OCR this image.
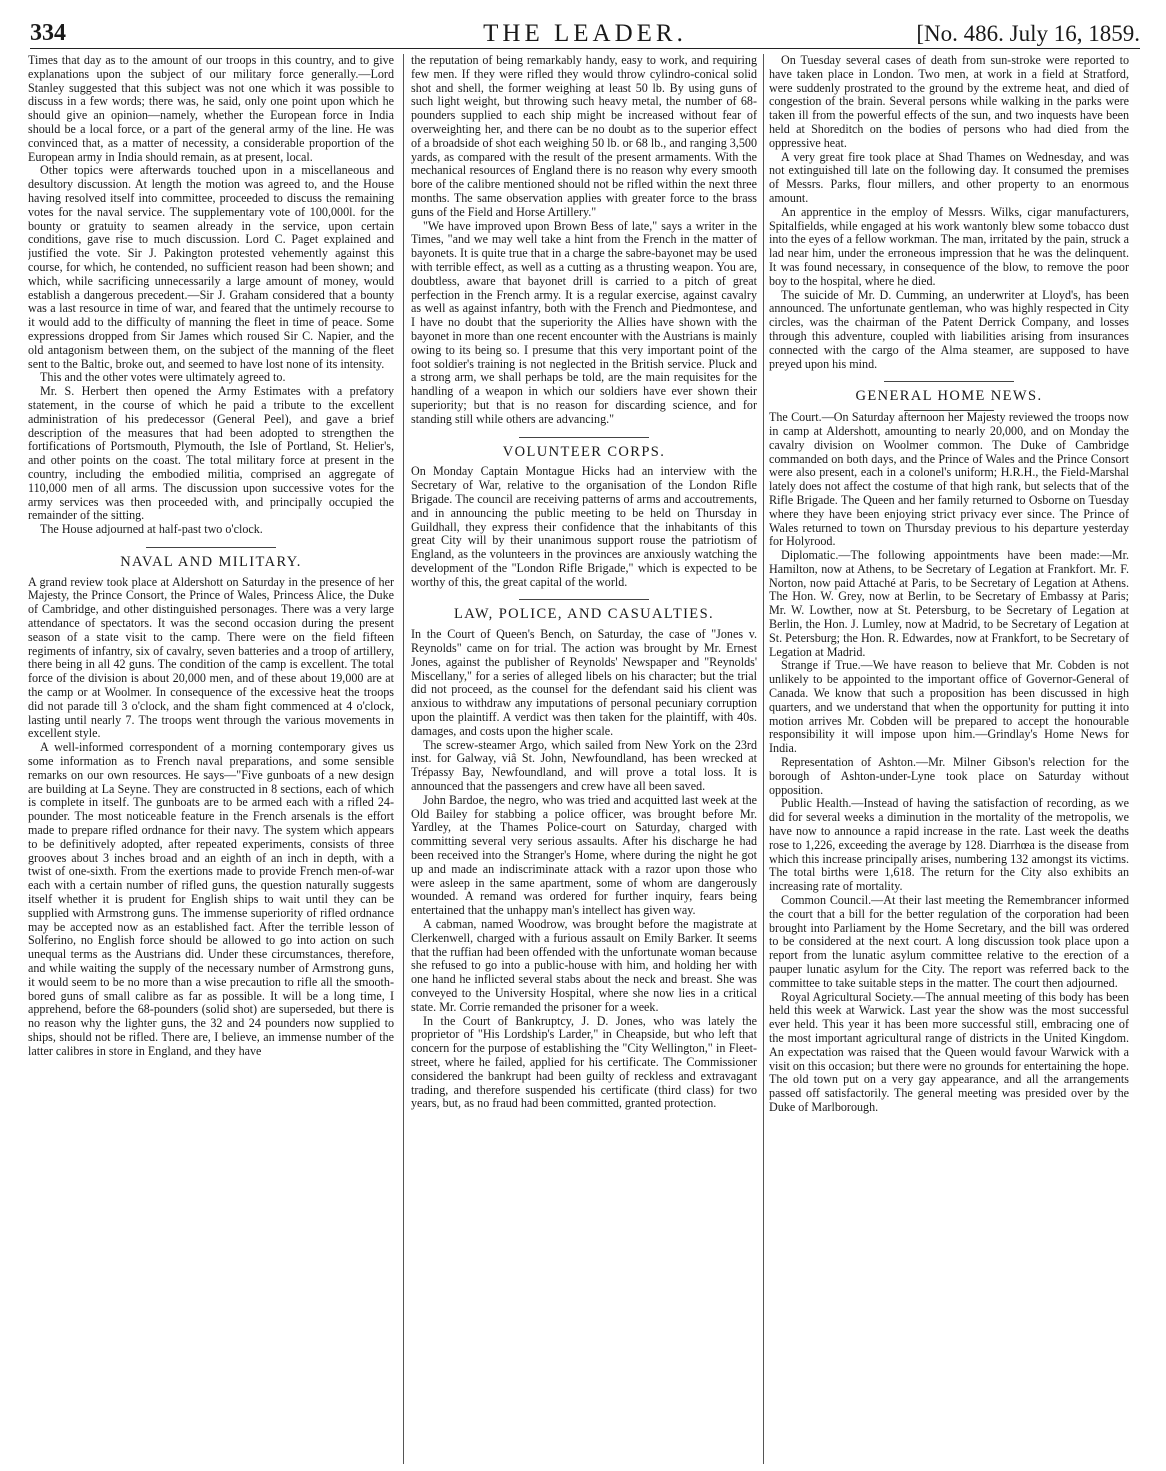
334	THE LEADER.	[No. 486. July 16, 1859.

Times that day as to the amount of our troops in this country, and to give explanations upon the subject of our military force generally.—Lord Stanley suggested that this subject was not one which it was possible to discuss in a few words; there was, he said, only one point upon which he should give an opinion—namely, whether the European force in India should be a local force, or a part of the general army of the line. He was convinced that, as a matter of necessity, a considerable proportion of the European army in India should remain, as at present, local.

Other topics were afterwards touched upon in a miscellaneous and desultory discussion. At length the motion was agreed to, and the House having resolved itself into committee, proceeded to discuss the remaining votes for the naval service. The supplementary vote of 100,000l. for the bounty or gratuity to seamen already in the service, upon certain conditions, gave rise to much discussion. Lord C. Paget explained and justified the vote. Sir J. Pakington protested vehemently against this course, for which, he contended, no sufficient reason had been shown; and which, while sacrificing unnecessarily a large amount of money, would establish a dangerous precedent.—Sir J. Graham considered that a bounty was a last resource in time of war, and feared that the untimely recourse to it would add to the difficulty of manning the fleet in time of peace. Some expressions dropped from Sir James which roused Sir C. Napier, and the old antagonism between them, on the subject of the manning of the fleet sent to the Baltic, broke out, and seemed to have lost none of its intensity.

This and the other votes were ultimately agreed to.

Mr. S. Herbert then opened the Army Estimates with a prefatory statement, in the course of which he paid a tribute to the excellent administration of his predecessor (General Peel), and gave a brief description of the measures that had been adopted to strengthen the fortifications of Portsmouth, Plymouth, the Isle of Portland, St. Helier's, and other points on the coast. The total military force at present in the country, including the embodied militia, comprised an aggregate of 110,000 men of all arms. The discussion upon successive votes for the army services was then proceeded with, and principally occupied the remainder of the sitting.

The House adjourned at half-past two o'clock.

NAVAL AND MILITARY.

A grand review took place at Aldershott on Saturday in the presence of her Majesty, the Prince Consort, the Prince of Wales, Princess Alice, the Duke of Cambridge, and other distinguished personages. There was a very large attendance of spectators. It was the second occasion during the present season of a state visit to the camp. There were on the field fifteen regiments of infantry, six of cavalry, seven batteries and a troop of artillery, there being in all 42 guns. The condition of the camp is excellent. The total force of the division is about 20,000 men, and of these about 19,000 are at the camp or at Woolmer. In consequence of the excessive heat the troops did not parade till 3 o'clock, and the sham fight commenced at 4 o'clock, lasting until nearly 7. The troops went through the various movements in excellent style.

A well-informed correspondent of a morning contemporary gives us some information as to French naval preparations, and some sensible remarks on our own resources. He says—"Five gunboats of a new design are building at La Seyne. They are constructed in 8 sections, each of which is complete in itself. The gunboats are to be armed each with a rifled 24-pounder. The most noticeable feature in the French arsenals is the effort made to prepare rifled ordnance for their navy. The system which appears to be definitively adopted, after repeated experiments, consists of three grooves about 3 inches broad and an eighth of an inch in depth, with a twist of one-sixth. From the exertions made to provide French men-of-war each with a certain number of rifled guns, the question naturally suggests itself whether it is prudent for English ships to wait until they can be supplied with Armstrong guns. The immense superiority of rifled ordnance may be accepted now as an established fact. After the terrible lesson of Solferino, no English force should be allowed to go into action on such unequal terms as the Austrians did. Under these circumstances, therefore, and while waiting the supply of the necessary number of Armstrong guns, it would seem to be no more than a wise precaution to rifle all the smooth-bored guns of small calibre as far as possible. It will be a long time, I apprehend, before the 68-pounders (solid shot) are superseded, but there is no reason why the lighter guns, the 32 and 24 pounders now supplied to ships, should not be rifled. There are, I believe, an immense number of the latter calibres in store in England, and they have

the reputation of being remarkably handy, easy to work, and requiring few men. If they were rifled they would throw cylindro-conical solid shot and shell, the former weighing at least 50 lb. By using guns of such light weight, but throwing such heavy metal, the number of 68-pounders supplied to each ship might be increased without fear of overweighting her, and there can be no doubt as to the superior effect of a broadside of shot each weighing 50 lb. or 68 lb., and ranging 3,500 yards, as compared with the result of the present armaments. With the mechanical resources of England there is no reason why every smooth bore of the calibre mentioned should not be rifled within the next three months. The same observation applies with greater force to the brass guns of the Field and Horse Artillery."

"We have improved upon Brown Bess of late," says a writer in the Times, "and we may well take a hint from the French in the matter of bayonets. It is quite true that in a charge the sabre-bayonet may be used with terrible effect, as well as a cutting as a thrusting weapon. You are, doubtless, aware that bayonet drill is carried to a pitch of great perfection in the French army. It is a regular exercise, against cavalry as well as against infantry, both with the French and Piedmontese, and I have no doubt that the superiority the Allies have shown with the bayonet in more than one recent encounter with the Austrians is mainly owing to its being so. I presume that this very important point of the foot soldier's training is not neglected in the British service. Pluck and a strong arm, we shall perhaps be told, are the main requisites for the handling of a weapon in which our soldiers have ever shown their superiority; but that is no reason for discarding science, and for standing still while others are advancing."

VOLUNTEER CORPS.

On Monday Captain Montague Hicks had an interview with the Secretary of War, relative to the organisation of the London Rifle Brigade. The council are receiving patterns of arms and accoutrements, and in announcing the public meeting to be held on Thursday in Guildhall, they express their confidence that the inhabitants of this great City will by their unanimous support rouse the patriotism of England, as the volunteers in the provinces are anxiously watching the development of the "London Rifle Brigade," which is expected to be worthy of this, the great capital of the world.

LAW, POLICE, AND CASUALTIES.

In the Court of Queen's Bench, on Saturday, the case of "Jones v. Reynolds" came on for trial. The action was brought by Mr. Ernest Jones, against the publisher of Reynolds' Newspaper and "Reynolds' Miscellany," for a series of alleged libels on his character; but the trial did not proceed, as the counsel for the defendant said his client was anxious to withdraw any imputations of personal pecuniary corruption upon the plaintiff. A verdict was then taken for the plaintiff, with 40s. damages, and costs upon the higher scale.

The screw-steamer Argo, which sailed from New York on the 23rd inst. for Galway, viâ St. John, Newfoundland, has been wrecked at Trépassy Bay, Newfoundland, and will prove a total loss. It is announced that the passengers and crew have all been saved.

John Bardoe, the negro, who was tried and acquitted last week at the Old Bailey for stabbing a police officer, was brought before Mr. Yardley, at the Thames Police-court on Saturday, charged with committing several very serious assaults. After his discharge he had been received into the Stranger's Home, where during the night he got up and made an indiscriminate attack with a razor upon those who were asleep in the same apartment, some of whom are dangerously wounded. A remand was ordered for further inquiry, fears being entertained that the unhappy man's intellect has given way.

A cabman, named Woodrow, was brought before the magistrate at Clerkenwell, charged with a furious assault on Emily Barker. It seems that the ruffian had been offended with the unfortunate woman because she refused to go into a public-house with him, and holding her with one hand he inflicted several stabs about the neck and breast. She was conveyed to the University Hospital, where she now lies in a critical state. Mr. Corrie remanded the prisoner for a week.

In the Court of Bankruptcy, J. D. Jones, who was lately the proprietor of "His Lordship's Larder," in Cheapside, but who left that concern for the purpose of establishing the "City Wellington," in Fleet-street, where he failed, applied for his certificate. The Commissioner considered the bankrupt had been guilty of reckless and extravagant trading, and therefore suspended his certificate (third class) for two years, but, as no fraud had been committed, granted protection.

On Tuesday several cases of death from sun-stroke were reported to have taken place in London. Two men, at work in a field at Stratford, were suddenly prostrated to the ground by the extreme heat, and died of congestion of the brain. Several persons while walking in the parks were taken ill from the powerful effects of the sun, and two inquests have been held at Shoreditch on the bodies of persons who had died from the oppressive heat.

A very great fire took place at Shad Thames on Wednesday, and was not extinguished till late on the following day. It consumed the premises of Messrs. Parks, flour millers, and other property to an enormous amount.

An apprentice in the employ of Messrs. Wilks, cigar manufacturers, Spitalfields, while engaged at his work wantonly blew some tobacco dust into the eyes of a fellow workman. The man, irritated by the pain, struck a lad near him, under the erroneous impression that he was the delinquent. It was found necessary, in consequence of the blow, to remove the poor boy to the hospital, where he died.

The suicide of Mr. D. Cumming, an underwriter at Lloyd's, has been announced. The unfortunate gentleman, who was highly respected in City circles, was the chairman of the Patent Derrick Company, and losses through this adventure, coupled with liabilities arising from insurances connected with the cargo of the Alma steamer, are supposed to have preyed upon his mind.

GENERAL HOME NEWS.

The Court.—On Saturday afternoon her Majesty reviewed the troops now in camp at Aldershott, amounting to nearly 20,000, and on Monday the cavalry division on Woolmer common. The Duke of Cambridge commanded on both days, and the Prince of Wales and the Prince Consort were also present, each in a colonel's uniform; H.R.H., the Field-Marshal lately does not affect the costume of that high rank, but selects that of the Rifle Brigade. The Queen and her family returned to Osborne on Tuesday where they have been enjoying strict privacy ever since. The Prince of Wales returned to town on Thursday previous to his departure yesterday for Holyrood.

Diplomatic.—The following appointments have been made:—Mr. Hamilton, now at Athens, to be Secretary of Legation at Frankfort. Mr. F. Norton, now paid Attaché at Paris, to be Secretary of Legation at Athens. The Hon. W. Grey, now at Berlin, to be Secretary of Embassy at Paris; Mr. W. Lowther, now at St. Petersburg, to be Secretary of Legation at Berlin, the Hon. J. Lumley, now at Madrid, to be Secretary of Legation at St. Petersburg; the Hon. R. Edwardes, now at Frankfort, to be Secretary of Legation at Madrid.

Strange if True.—We have reason to believe that Mr. Cobden is not unlikely to be appointed to the important office of Governor-General of Canada. We know that such a proposition has been discussed in high quarters, and we understand that when the opportunity for putting it into motion arrives Mr. Cobden will be prepared to accept the honourable responsibility it will impose upon him.—Grindlay's Home News for India.

Representation of Ashton.—Mr. Milner Gibson's relection for the borough of Ashton-under-Lyne took place on Saturday without opposition.

Public Health.—Instead of having the satisfaction of recording, as we did for several weeks a diminution in the mortality of the metropolis, we have now to announce a rapid increase in the rate. Last week the deaths rose to 1,226, exceeding the average by 128. Diarrhœa is the disease from which this increase principally arises, numbering 132 amongst its victims. The total births were 1,618. The return for the City also exhibits an increasing rate of mortality.

Common Council.—At their last meeting the Remembrancer informed the court that a bill for the better regulation of the corporation had been brought into Parliament by the Home Secretary, and the bill was ordered to be considered at the next court. A long discussion took place upon a report from the lunatic asylum committee relative to the erection of a pauper lunatic asylum for the City. The report was referred back to the committee to take suitable steps in the matter. The court then adjourned.

Royal Agricultural Society.—The annual meeting of this body has been held this week at Warwick. Last year the show was the most successful ever held. This year it has been more successful still, embracing one of the most important agricultural range of districts in the United Kingdom. An expectation was raised that the Queen would favour Warwick with a visit on this occasion; but there were no grounds for entertaining the hope. The old town put on a very gay appearance, and all the arrangements passed off satisfactorily. The general meeting was presided over by the Duke of Marlborough.
